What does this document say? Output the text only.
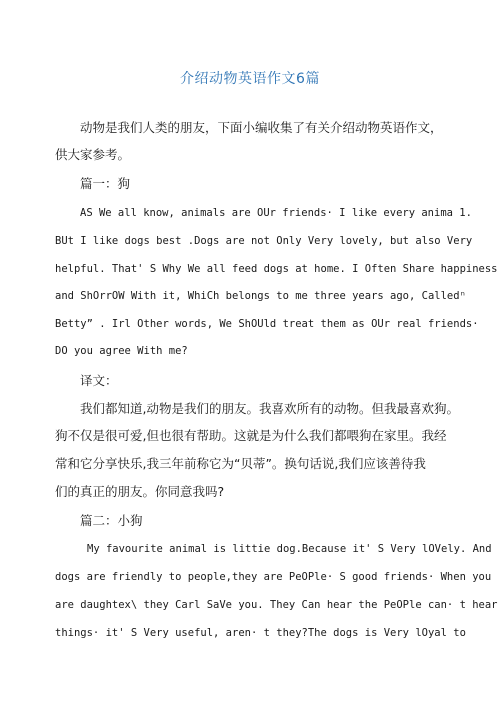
介绍动物英语作文6篇
动物是我们人类的朋友，下面小编收集了有关介绍动物英语作文，
供大家参考。
篇一：狗
AS We all know, animals are OUr friends· I like every anima 1.
BUt I like dogs best .Dogs are not Only Very lovely, but also Very
helpful. That' S Why We all feed dogs at home. I Often Share happiness
and ShOrrOW With it, WhiCh belongs to me three years ago, Calledⁿ
Betty” . Irl Other words, We ShOUld treat them as OUr real friends·
DO you agree With me?
译文：
我们都知道,动物是我们的朋友。我喜欢所有的动物。但我最喜欢狗。
狗不仅是很可爱,但也很有帮助。这就是为什么我们都喂狗在家里。我经
常和它分享快乐,我三年前称它为“贝蒂”。换句话说,我们应该善待我
们的真正的朋友。你同意我吗?
篇二：小狗
My favourite animal is littie dog.Because it' S Very lOVely. And
dogs are friendly to people,they are PeOPle· S good friends· When you
are daughtex\ they Carl SaVe you. They Can hear the PeOPle can· t hear
things· it' S Very useful, aren· t they?The dogs is Very lOyal to
